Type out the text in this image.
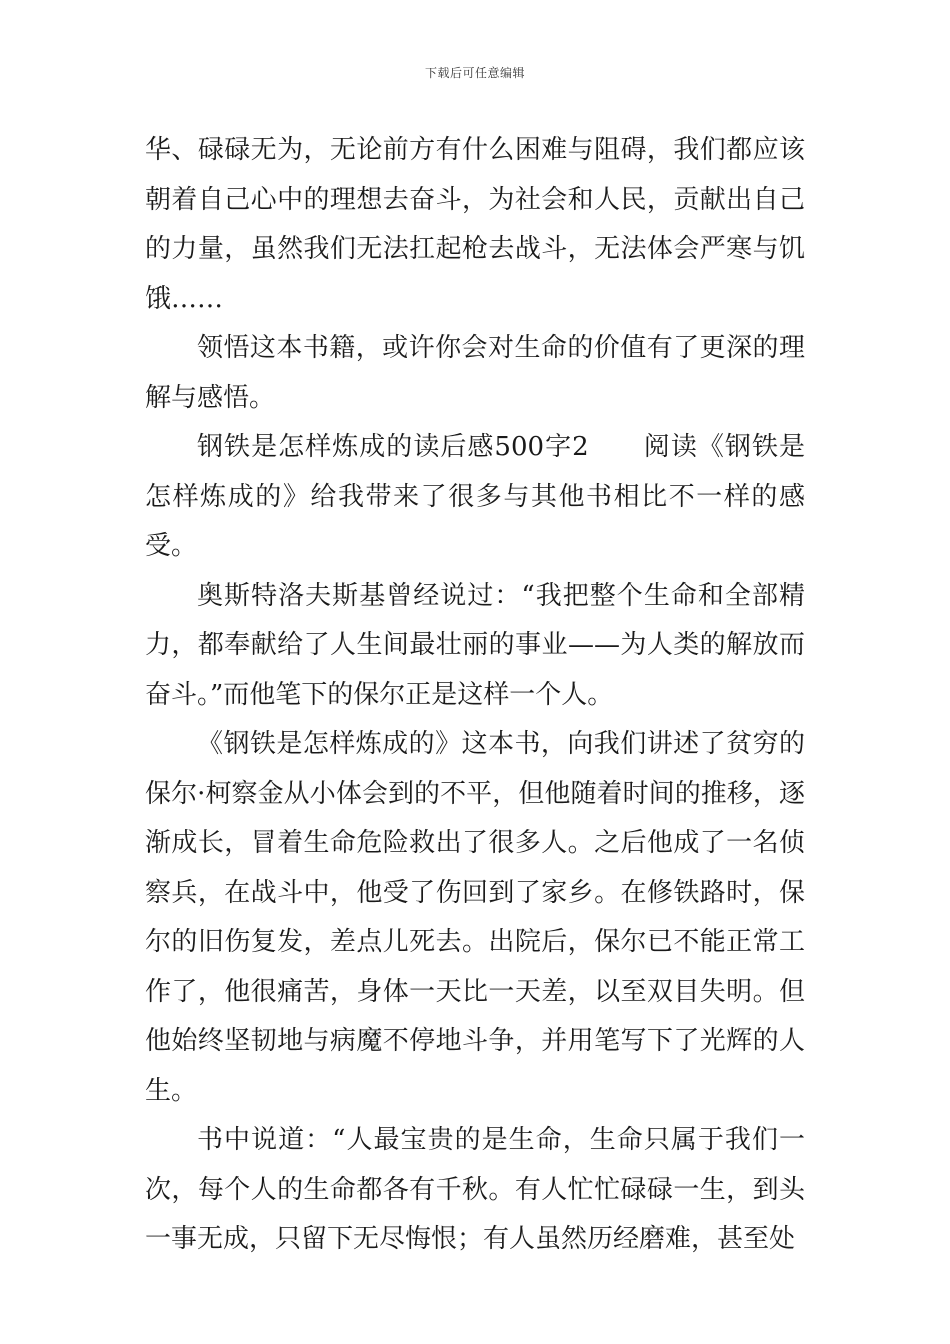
下载后可任意编辑

华、碌碌无为，无论前方有什么困难与阻碍，我们都应该朝着自己心中的理想去奋斗，为社会和人民，贡献出自己的力量，虽然我们无法扛起枪去战斗，无法体会严寒与饥饿……

领悟这本书籍，或许你会对生命的价值有了更深的理解与感悟。

钢铁是怎样炼成的读后感500字2　　阅读《钢铁是怎样炼成的》给我带来了很多与其他书相比不一样的感受。

奥斯特洛夫斯基曾经说过：“我把整个生命和全部精力，都奉献给了人生间最壮丽的事业——为人类的解放而奋斗。”而他笔下的保尔正是这样一个人。

《钢铁是怎样炼成的》这本书，向我们讲述了贫穷的保尔·柯察金从小体会到的不平，但他随着时间的推移，逐渐成长，冒着生命危险救出了很多人。之后他成了一名侦察兵，在战斗中，他受了伤回到了家乡。在修铁路时，保尔的旧伤复发，差点儿死去。出院后，保尔已不能正常工作了，他很痛苦，身体一天比一天差，以至双目失明。但他始终坚韧地与病魔不停地斗争，并用笔写下了光辉的人生。

书中说道：“人最宝贵的是生命，生命只属于我们一次，每个人的生命都各有千秋。有人忙忙碌碌一生，到头一事无成，只留下无尽悔恨；有人虽然历经磨难，甚至处
